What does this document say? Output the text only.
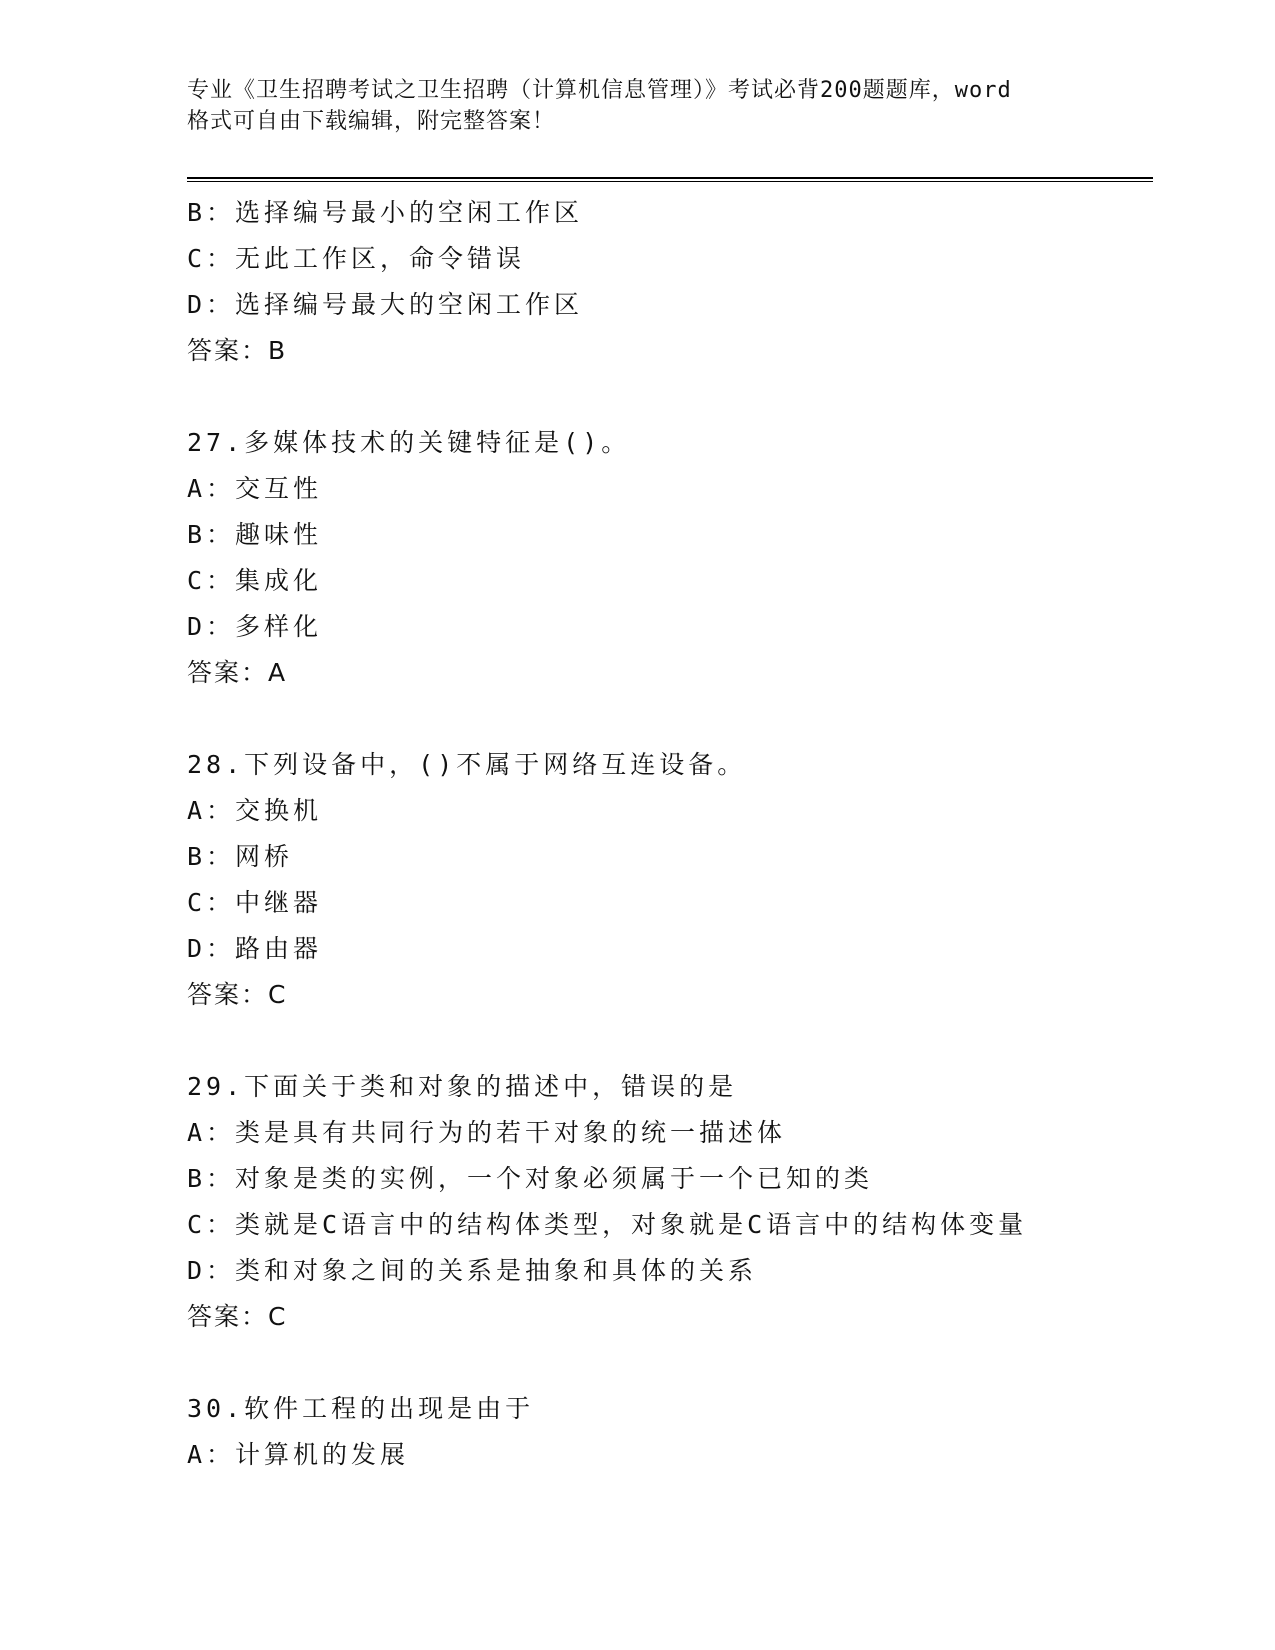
专业《卫生招聘考试之卫生招聘（计算机信息管理）》考试必背200题题库，word
格式可自由下载编辑，附完整答案！
B：选择编号最小的空闲工作区
C：无此工作区，命令错误
D：选择编号最大的空闲工作区
答案：B
27.多媒体技术的关键特征是()。
A：交互性
B：趣味性
C：集成化
D：多样化
答案：A
28.下列设备中，()不属于网络互连设备。
A：交换机
B：网桥
C：中继器
D：路由器
答案：C
29.下面关于类和对象的描述中，错误的是
A：类是具有共同行为的若干对象的统一描述体
B：对象是类的实例，一个对象必须属于一个已知的类
C：类就是C语言中的结构体类型，对象就是C语言中的结构体变量
D：类和对象之间的关系是抽象和具体的关系
答案：C
30.软件工程的出现是由于
A：计算机的发展
